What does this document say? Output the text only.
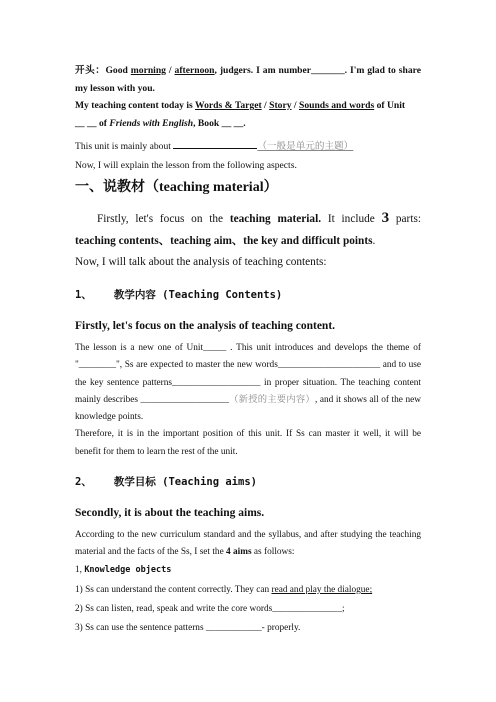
开头：Good morning / afternoon, judgers. I am number_______. I'm glad to share my lesson with you.
My teaching content today is Words & Target / Story / Sounds and words of Unit
__ __ of Friends with English, Book __ __.
This unit is mainly about	（一般是单元的主题）
Now, I will explain the lesson from the following aspects.
一、说教材（teaching material）
Firstly, let's focus on the teaching material. It include 3 parts: teaching contents、teaching aim、the key and difficult points.
Now, I will talk about the analysis of teaching contents:
1、 教学内容 (Teaching Contents)
Firstly, let's focus on the analysis of teaching content.
The lesson is a new one of Unit_____ . This unit introduces and develops the theme of "________", Ss are expected to master the new words______________________ and to use the key sentence patterns___________________ in proper situation. The teaching content mainly describes ___________________（新授的主要内容）, and it shows all of the new knowledge points.
Therefore, it is in the important position of this unit. If Ss can master it well, it will be benefit for them to learn the rest of the unit.
2、 教学目标 (Teaching aims)
Secondly, it is about the teaching aims.
According to the new curriculum standard and the syllabus, and after studying the teaching material and the facts of the Ss, I set the 4 aims as follows:
1, Knowledge objects
1) Ss can understand the content correctly. They can read and play the dialogue;
2) Ss can listen, read, speak and write the core words_______________;
3) Ss can use the sentence patterns ____________- properly.
